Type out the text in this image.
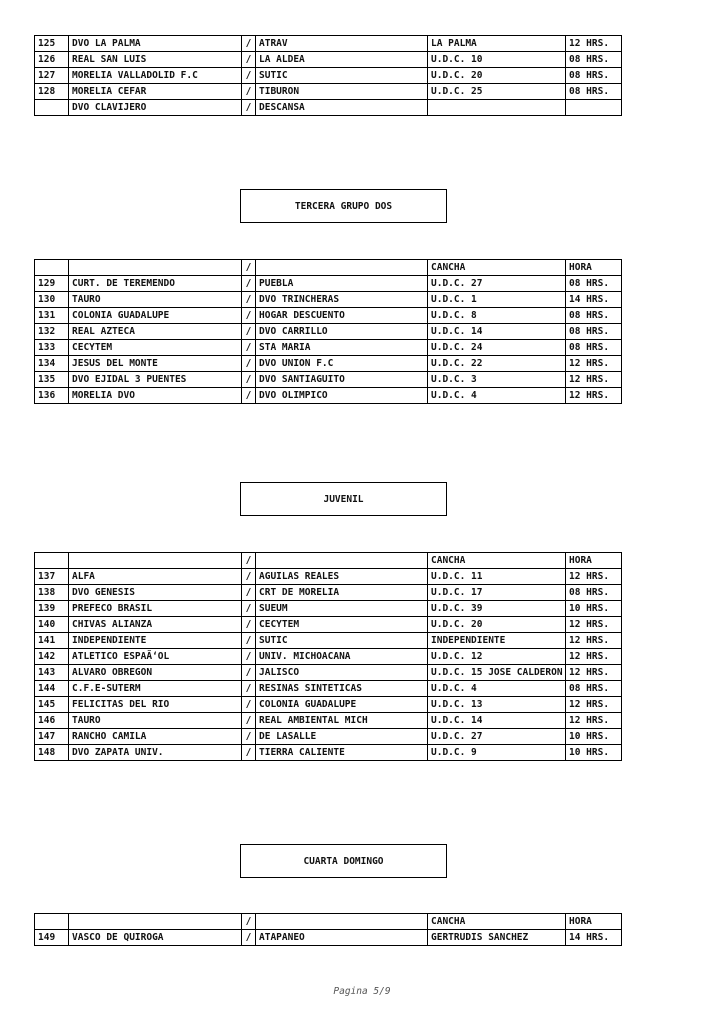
125	DVO LA PALMA	/	ATRAV	LA PALMA	12 HRS.
126	REAL SAN LUIS	/	LA ALDEA	U.D.C. 10	08 HRS.
127	MORELIA VALLADOLID F.C	/	SUTIC	U.D.C. 20	08 HRS.
128	MORELIA CEFAR	/	TIBURON	U.D.C. 25	08 HRS.
	DVO CLAVIJERO	/	DESCANSA		
TERCERA GRUPO DOS
		/		CANCHA	HORA
129	CURT. DE TEREMENDO	/	PUEBLA	U.D.C. 27	08 HRS.
130	TAURO	/	DVO TRINCHERAS	U.D.C. 1	14 HRS.
131	COLONIA GUADALUPE	/	HOGAR DESCUENTO	U.D.C. 8	08 HRS.
132	REAL AZTECA	/	DVO CARRILLO	U.D.C. 14	08 HRS.
133	CECYTEM	/	STA MARIA	U.D.C. 24	08 HRS.
134	JESUS DEL MONTE	/	DVO UNION F.C	U.D.C. 22	12 HRS.
135	DVO EJIDAL 3 PUENTES	/	DVO SANTIAGUITO	U.D.C. 3	12 HRS.
136	MORELIA DVO	/	DVO OLIMPICO	U.D.C. 4	12 HRS.
JUVENIL
		/		CANCHA	HORA
137	ALFA	/	AGUILAS REALES	U.D.C. 11	12 HRS.
138	DVO GENESIS	/	CRT DE MORELIA	U.D.C. 17	08 HRS.
139	PREFECO BRASIL	/	SUEUM	U.D.C. 39	10 HRS.
140	CHIVAS ALIANZA	/	CECYTEM	U.D.C. 20	12 HRS.
141	INDEPENDIENTE	/	SUTIC	INDEPENDIENTE	12 HRS.
142	ATLETICO ESPAÃ‘OL	/	UNIV. MICHOACANA	U.D.C. 12	12 HRS.
143	ALVARO OBREGON	/	JALISCO	U.D.C. 15 JOSE CALDERON	12 HRS.
144	C.F.E-SUTERM	/	RESINAS SINTETICAS	U.D.C. 4	08 HRS.
145	FELICITAS DEL RIO	/	COLONIA GUADALUPE	U.D.C. 13	12 HRS.
146	TAURO	/	REAL AMBIENTAL MICH	U.D.C. 14	12 HRS.
147	RANCHO CAMILA	/	DE LASALLE	U.D.C. 27	10 HRS.
148	DVO ZAPATA UNIV.	/	TIERRA CALIENTE	U.D.C. 9	10 HRS.
CUARTA DOMINGO
		/		CANCHA	HORA
149	VASCO DE QUIROGA	/	ATAPANEO	GERTRUDIS SANCHEZ	14 HRS.
Pagina 5/9
